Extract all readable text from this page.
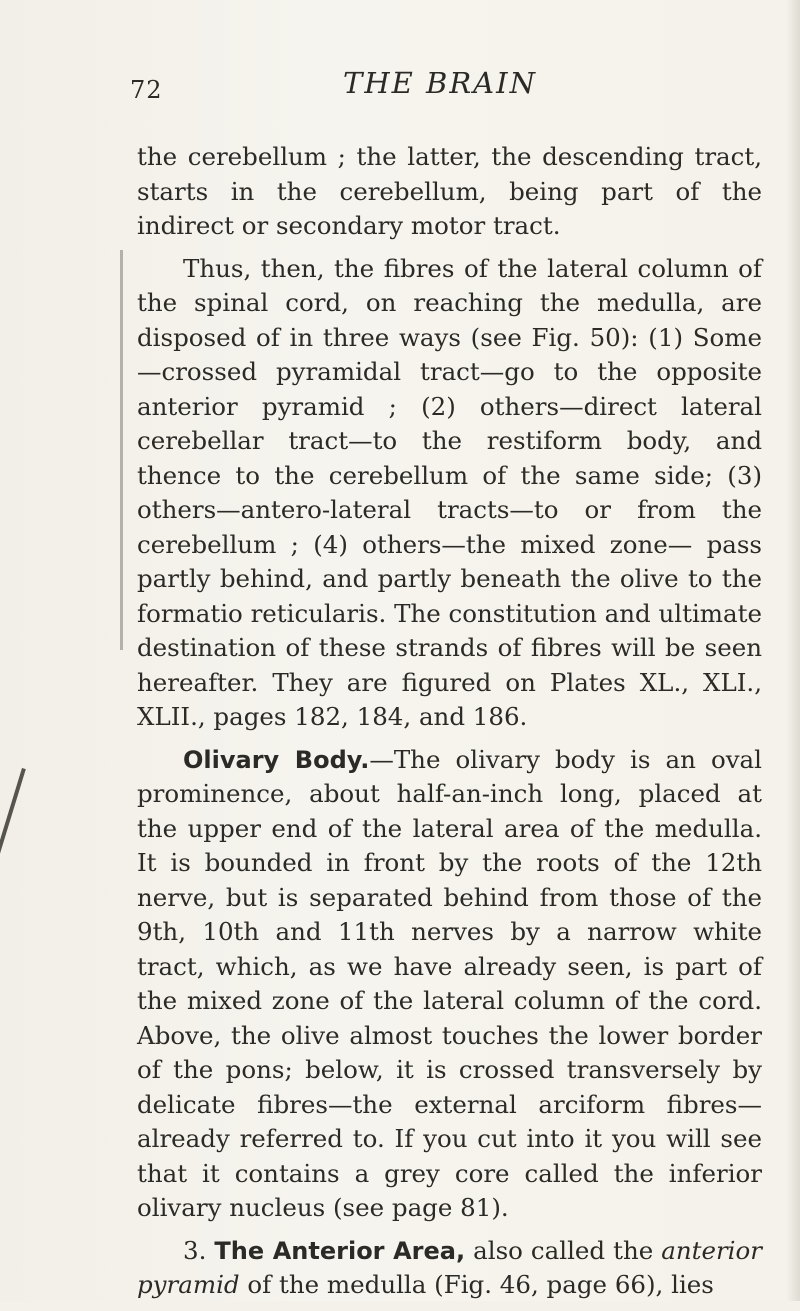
72	THE BRAIN

the cerebellum ; the latter, the descending tract, starts in the cerebellum, being part of the indirect or secondary motor tract.

Thus, then, the fibres of the lateral column of the spinal cord, on reaching the medulla, are disposed of in three ways (see Fig. 50): (1) Some—crossed pyramidal tract—go to the opposite anterior pyramid ; (2) others—direct lateral cerebellar tract—to the restiform body, and thence to the cerebellum of the same side; (3) others—antero-lateral tracts—to or from the cerebellum ; (4) others—the mixed zone— pass partly behind, and partly beneath the olive to the formatio reticularis. The constitution and ultimate destination of these strands of fibres will be seen hereafter. They are figured on Plates XL., XLI., XLII., pages 182, 184, and 186.

Olivary Body.—The olivary body is an oval prominence, about half-an-inch long, placed at the upper end of the lateral area of the medulla. It is bounded in front by the roots of the 12th nerve, but is separated behind from those of the 9th, 10th and 11th nerves by a narrow white tract, which, as we have already seen, is part of the mixed zone of the lateral column of the cord. Above, the olive almost touches the lower border of the pons; below, it is crossed transversely by delicate fibres—the external arciform fibres—already referred to. If you cut into it you will see that it contains a grey core called the inferior olivary nucleus (see page 81).

3. The Anterior Area, also called the anterior pyramid of the medulla (Fig. 46, page 66), lies
